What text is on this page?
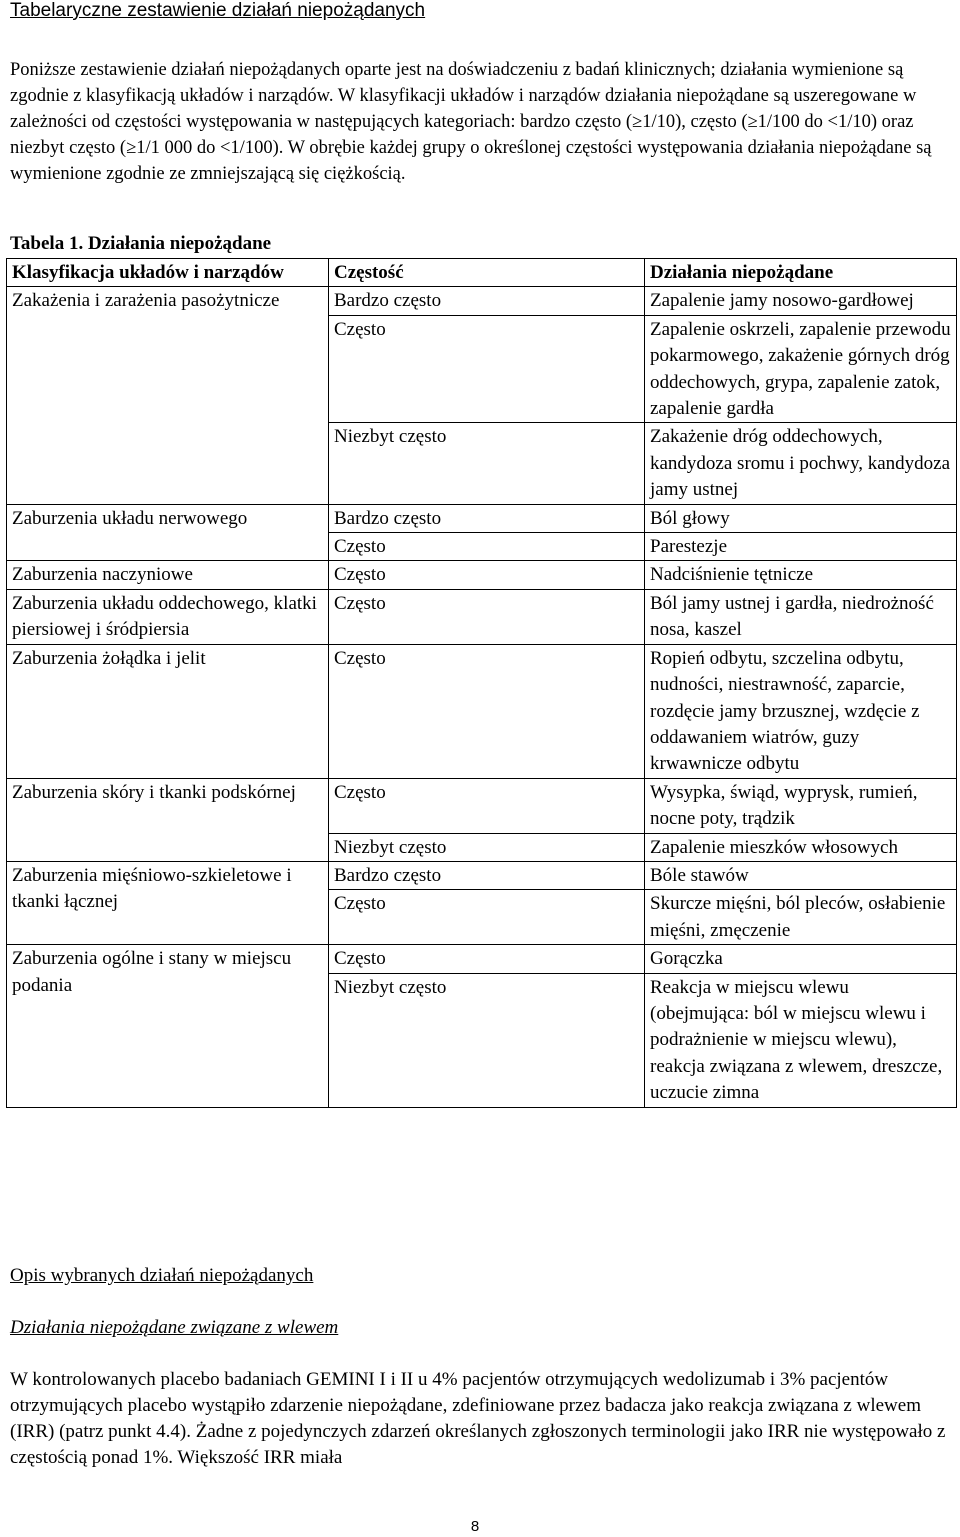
Tabelaryczne zestawienie działań niepożądanych
Poniższe zestawienie działań niepożądanych oparte jest na doświadczeniu z badań klinicznych; działania wymienione są zgodnie z klasyfikacją układów i narządów. W klasyfikacji układów i narządów działania niepożądane są uszeregowane w zależności od częstości występowania w następujących kategoriach: bardzo często (≥1/10), często (≥1/100 do <1/10) oraz niezbyt często (≥1/1 000 do <1/100). W obrębie każdej grupy o określonej częstości występowania działania niepożądane są wymienione zgodnie ze zmniejszającą się ciężkością.
Tabela 1. Działania niepożądane
Klasyfikacja układów i narządów	Częstość	Działania niepożądane
Zakażenia i zarażenia pasożytnicze	Bardzo często	Zapalenie jamy nosowo-gardłowej
	Często	Zapalenie oskrzeli, zapalenie przewodu pokarmowego, zakażenie górnych dróg oddechowych, grypa, zapalenie zatok, zapalenie gardła
	Niezbyt często	Zakażenie dróg oddechowych, kandydoza sromu i pochwy, kandydoza jamy ustnej
Zaburzenia układu nerwowego	Bardzo często	Ból głowy
	Często	Parestezje
Zaburzenia naczyniowe	Często	Nadciśnienie tętnicze
Zaburzenia układu oddechowego, klatki piersiowej i śródpiersia	Często	Ból jamy ustnej i gardła, niedrożność nosa, kaszel
Zaburzenia żołądka i jelit	Często	Ropień odbytu, szczelina odbytu, nudności, niestrawność, zaparcie, rozdęcie jamy brzusznej, wzdęcie z oddawaniem wiatrów, guzy krwawnicze odbytu
Zaburzenia skóry i tkanki podskórnej	Często	Wysypka, świąd, wyprysk, rumień, nocne poty, trądzik
	Niezbyt często	Zapalenie mieszków włosowych
Zaburzenia mięśniowo-szkieletowe i tkanki łącznej	Bardzo często	Bóle stawów
	Często	Skurcze mięśni, ból pleców, osłabienie mięśni, zmęczenie
Zaburzenia ogólne i stany w miejscu podania	Często	Gorączka
	Niezbyt często	Reakcja w miejscu wlewu (obejmująca: ból w miejscu wlewu i podrażnienie w miejscu wlewu), reakcja związana z wlewem, dreszcze, uczucie zimna
Opis wybranych działań niepożądanych
Działania niepożądane związane z wlewem
W kontrolowanych placebo badaniach GEMINI I i II u 4% pacjentów otrzymujących wedolizumab i 3% pacjentów otrzymujących placebo wystąpiło zdarzenie niepożądane, zdefiniowane przez badacza jako reakcja związana z wlewem (IRR) (patrz punkt 4.4). Żadne z pojedynczych zdarzeń określanych zgłoszonych terminologii jako IRR nie występowało z częstością ponad 1%. Większość IRR miała
8
